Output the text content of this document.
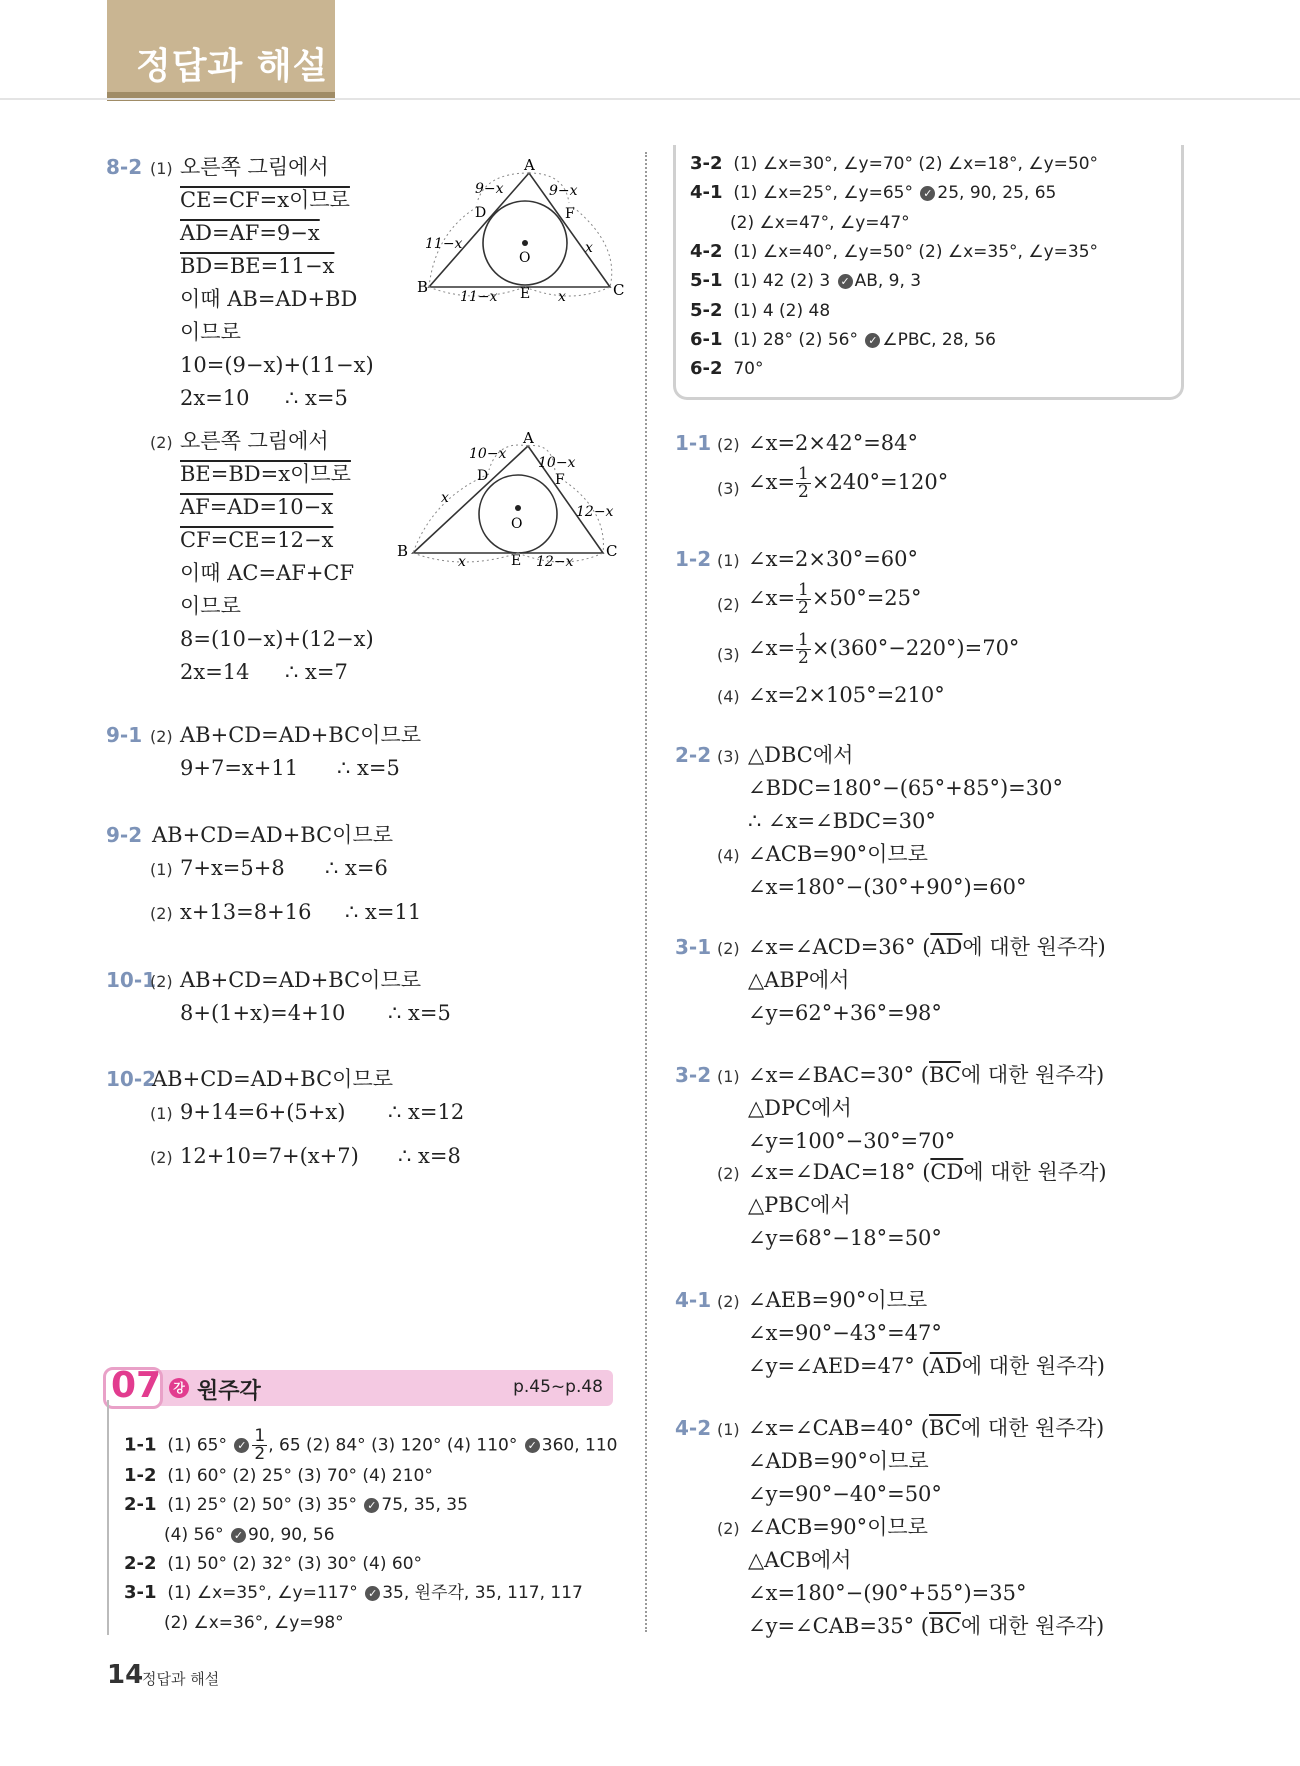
정답과 해설
8-2 (1) 오른쪽 그림에서
CE=CF=x이므로
AD=AF=9−x
BD=BE=11−x
이때 AB=AD+BD
이므로
10=(9−x)+(11−x)
2x=10 ∴ x=5
A
B	C
D
E
F
O
9−x	9−x
11−x	x
11−x	x
(2) 오른쪽 그림에서
BE=BD=x이므로
AF=AD=10−x
CF=CE=12−x
이때 AC=AF+CF
이므로
8=(10−x)+(12−x)
2x=14 ∴ x=7
A
B	C
D
E
F
O
10−x
10−x
x
12−x
x	12−x
9-1 (2) AB+CD=AD+BC이므로
9+7=x+11 ∴ x=5
9-2 AB+CD=AD+BC이므로
(1) 7+x=5+8 ∴ x=6
(2) x+13=8+16 ∴ x=11
10-1
(2) AB+CD=AD+BC이므로
8+(1+x)=4+10 ∴ x=5
10-2
AB+CD=AD+BC이므로
(1) 9+14=6+(5+x) ∴ x=12
(2) 12+10=7+(x+7) ∴ x=8
07	강 원주각	p.45~p.48
1-1 (1) 65° ✓ $\frac{1}{2}$ , 65 (2) 84° (3) 120° (4) 110° ✓ 360, 110
1-2 (1) 60° (2) 25° (3) 70° (4) 210°
2-1 (1) 25° (2) 50° (3) 35° ✓ 75, 35, 35
(4) 56° ✓ 90, 90, 56
2-2 (1) 50° (2) 32° (3) 30° (4) 60°
3-1 (1) ∠x=35°, ∠y=117° ✓ 35, 원주각, 35, 117, 117
(2) ∠x=36°, ∠y=98°
3-2 (1) ∠x=30°, ∠y=70° (2) ∠x=18°, ∠y=50°
4-1 (1) ∠x=25°, ∠y=65° ✓ 25, 90, 25, 65
(2) ∠x=47°, ∠y=47°
4-2 (1) ∠x=40°, ∠y=50° (2) ∠x=35°, ∠y=35°
5-1 (1) 42 (2) 3 ✓ AB, 9, 3
5-2 (1) 4 (2) 48
6-1 (1) 28° (2) 56° ✓ ∠PBC, 28, 56
6-2 70°
1-1 (2) ∠x=2×42°=84°
(3) ∠x= $\frac{1}{2} \times 240^\circ=120^\circ$
1-2 (1) ∠x=2×30°=60°
(2) ∠x= $\frac{1}{2} \times 50^\circ=25^\circ$
(3) ∠x= $\frac{1}{2} \times(360^\circ-220^\circ)=70^\circ$
(4) ∠x=2×105°=210°
2-2 (3) △DBC에서
∠BDC=180°−(65°+85°)=30°
∴ ∠x=∠BDC=30°
(4) ∠ACB=90°이므로
∠x=180°−(30°+90°)=60°
3-1 (2) ∠x=∠ACD=36° ($\overline{AD}$에 대한 원주각)
△ABP에서
∠y=62°+36°=98°
3-2 (1) ∠x=∠BAC=30° ($\overline{BC}$에 대한 원주각)
△DPC에서
∠y=100°−30°=70°
(2) ∠x=∠DAC=18° ($\overline{CD}$에 대한 원주각)
△PBC에서
∠y=68°−18°=50°
4-1 (2) ∠AEB=90°이므로
∠x=90°−43°=47°
∠y=∠AED=47° ($\overline{AD}$에 대한 원주각)
4-2 (1) ∠x=∠CAB=40° ($\overline{BC}$에 대한 원주각)
∠ADB=90°이므로
∠y=90°−40°=50°
(2) ∠ACB=90°이므로
△ACB에서
∠x=180°−(90°+55°)=35°
∠y=∠CAB=35° ($\overline{BC}$에 대한 원주각)
14
정답과 해설
